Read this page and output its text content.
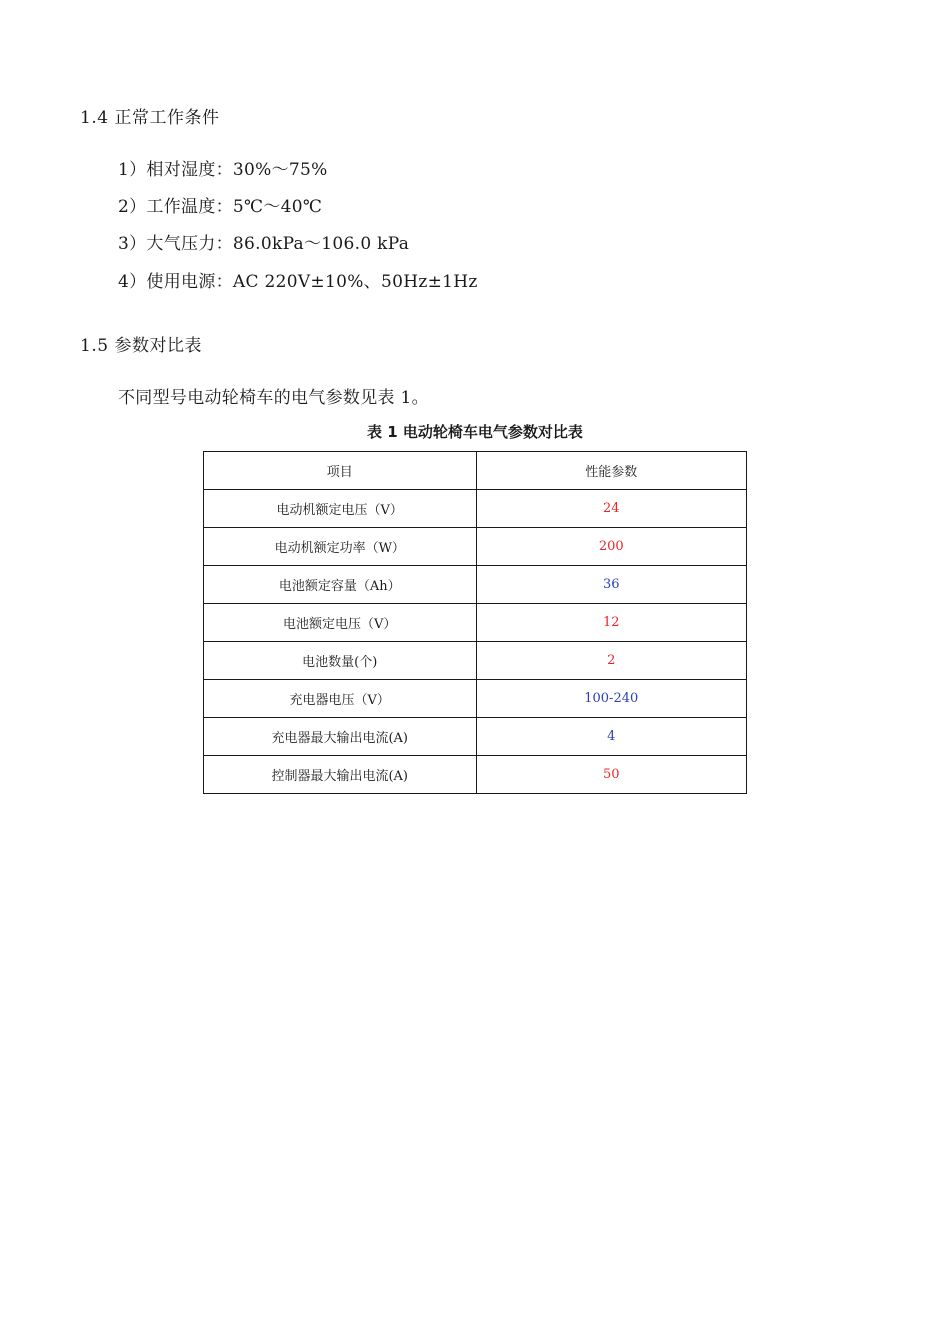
1.4 正常工作条件
1）相对湿度：30%～75%
2）工作温度：5℃～40℃
3）大气压力：86.0kPa～106.0 kPa
4）使用电源：AC 220V±10%、50Hz±1Hz
1.5 参数对比表
不同型号电动轮椅车的电气参数见表 1。
表 1 电动轮椅车电气参数对比表
项目	性能参数
电动机额定电压（V）	24
电动机额定功率（W）	200
电池额定容量（Ah）	36
电池额定电压（V）	12
电池数量(个)	2
充电器电压（V）	100-240
充电器最大输出电流(A)	4
控制器最大输出电流(A)	50
